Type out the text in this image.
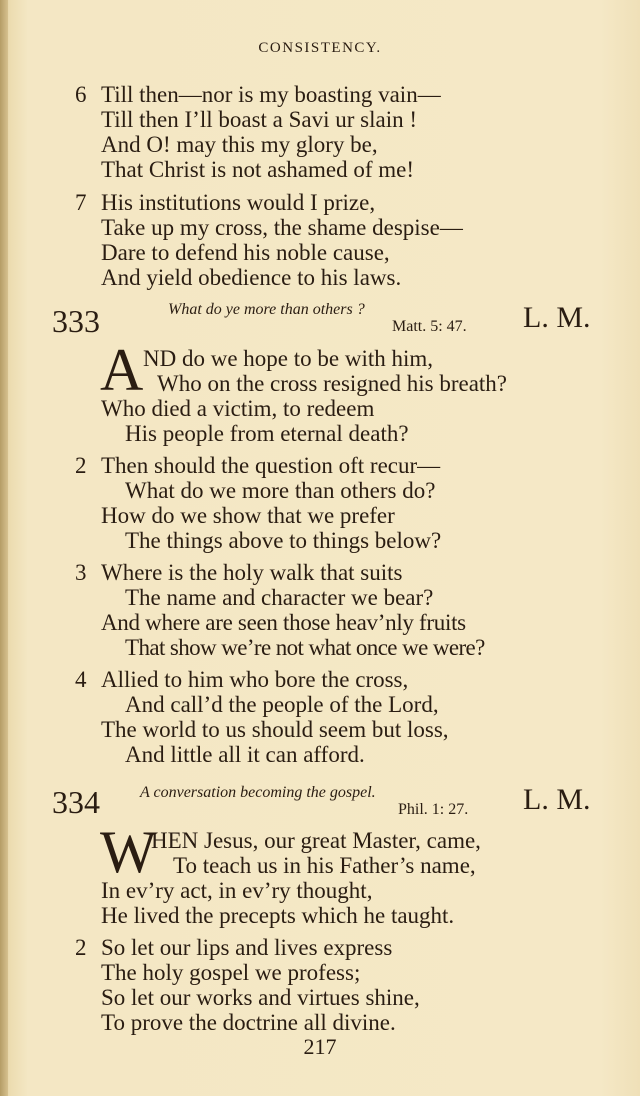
CONSISTENCY.
6 Till then—nor is my boasting vain—
Till then I’ll boast a Savi ur slain !
And O! may this my glory be,
That Christ is not ashamed of me!
7 His institutions would I prize,
Take up my cross, the shame despise—
Dare to defend his noble cause,
And yield obedience to his laws.
333	What do ye more than others ?
Matt. 5: 47. L. M.
A ND do we hope to be with him,
Who on the cross resigned his breath?
Who died a victim, to redeem
His people from eternal death?
2 Then should the question oft recur—
What do we more than others do?
How do we show that we prefer
The things above to things below?
3 Where is the holy walk that suits
The name and character we bear?
And where are seen those heav’nly fruits
That show we’re not what once we were?
4 Allied to him who bore the cross,
And call’d the people of the Lord,
The world to us should seem but loss,
And little all it can afford.
334	A conversation becoming the gospel.
Phil. 1: 27. L. M.
W
HEN Jesus, our great Master, came,
To teach us in his Father’s name,
In ev’ry act, in ev’ry thought,
He lived the precepts which he taught.
2 So let our lips and lives express
The holy gospel we profess;
So let our works and virtues shine,
To prove the doctrine all divine.
217
